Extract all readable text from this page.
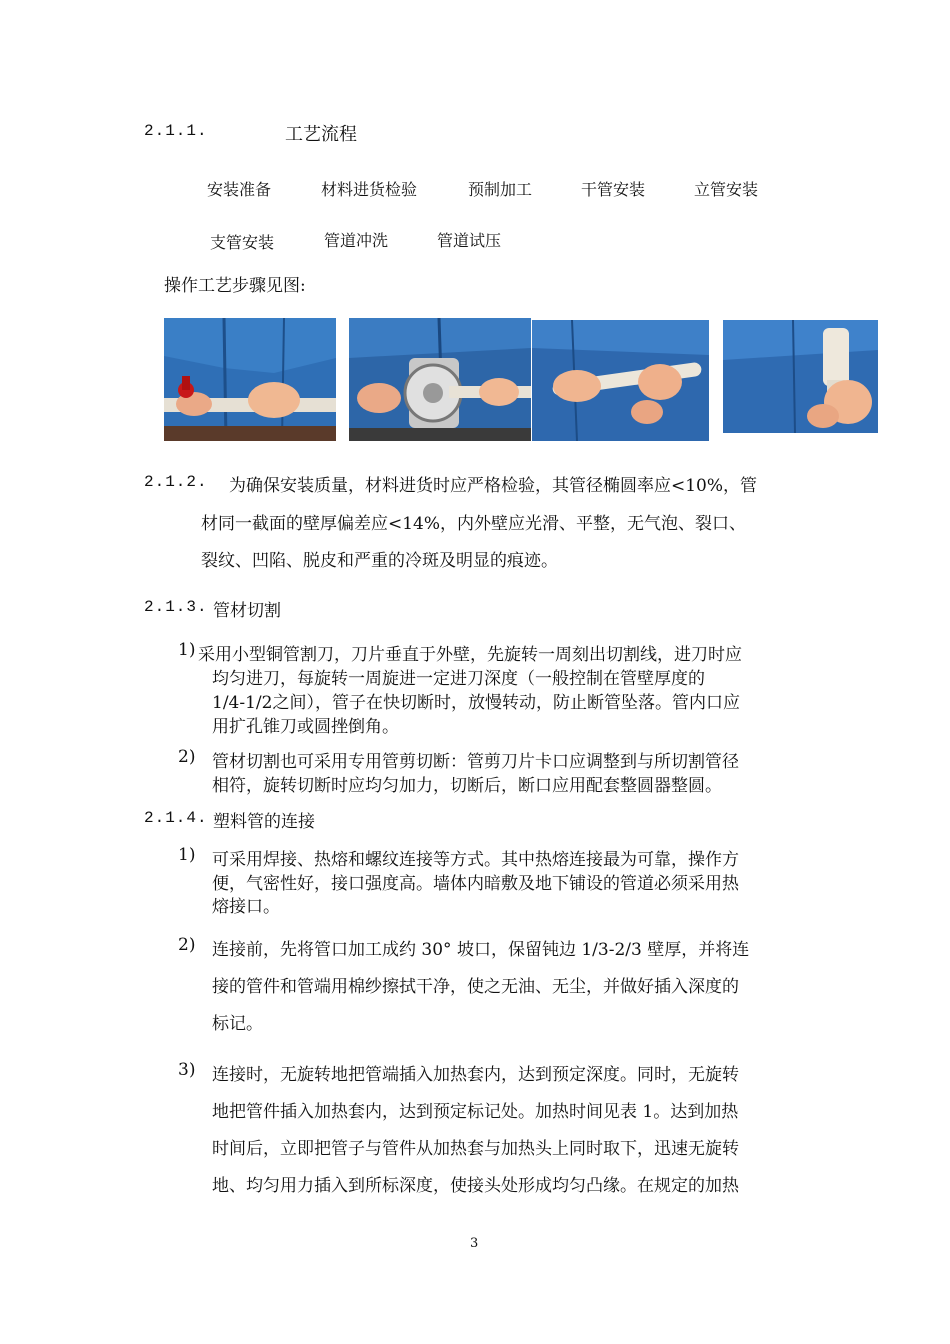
2.1.1.	工艺流程
安装准备	材料进货检验	预制加工	干管安装	立管安装
支管安装	管道冲洗	管道试压
操作工艺步骤见图:
2.1.2. 为确保安装质量，材料进货时应严格检验，其管径椭圆率应<10%，管
材同一截面的壁厚偏差应<14%，内外壁应光滑、平整，无气泡、裂口、
裂纹、凹陷、脱皮和严重的冷斑及明显的痕迹。
2.1.3. 管材切割
1) 采用小型铜管割刀，刀片垂直于外壁，先旋转一周刻出切割线，进刀时应
均匀进刀，每旋转一周旋进一定进刀深度（一般控制在管壁厚度的
1/4-1/2之间），管子在快切断时，放慢转动，防止断管坠落。管内口应
用扩孔锥刀或圆挫倒角。
2) 管材切割也可采用专用管剪切断：管剪刀片卡口应调整到与所切割管径
相符，旋转切断时应均匀加力，切断后，断口应用配套整圆器整圆。
2.1.4. 塑料管的连接
1) 可采用焊接、热熔和螺纹连接等方式。其中热熔连接最为可靠，操作方
便，气密性好，接口强度高。墙体内暗敷及地下铺设的管道必须采用热
熔接口。
2) 连接前，先将管口加工成约 30° 坡口，保留钝边 1/3-2/3 壁厚，并将连
接的管件和管端用棉纱擦拭干净，使之无油、无尘，并做好插入深度的
标记。
3) 连接时，无旋转地把管端插入加热套内，达到预定深度。同时，无旋转
地把管件插入加热套内，达到预定标记处。加热时间见表 1。达到加热
时间后，立即把管子与管件从加热套与加热头上同时取下，迅速无旋转
地、均匀用力插入到所标深度，使接头处形成均匀凸缘。在规定的加热
3
